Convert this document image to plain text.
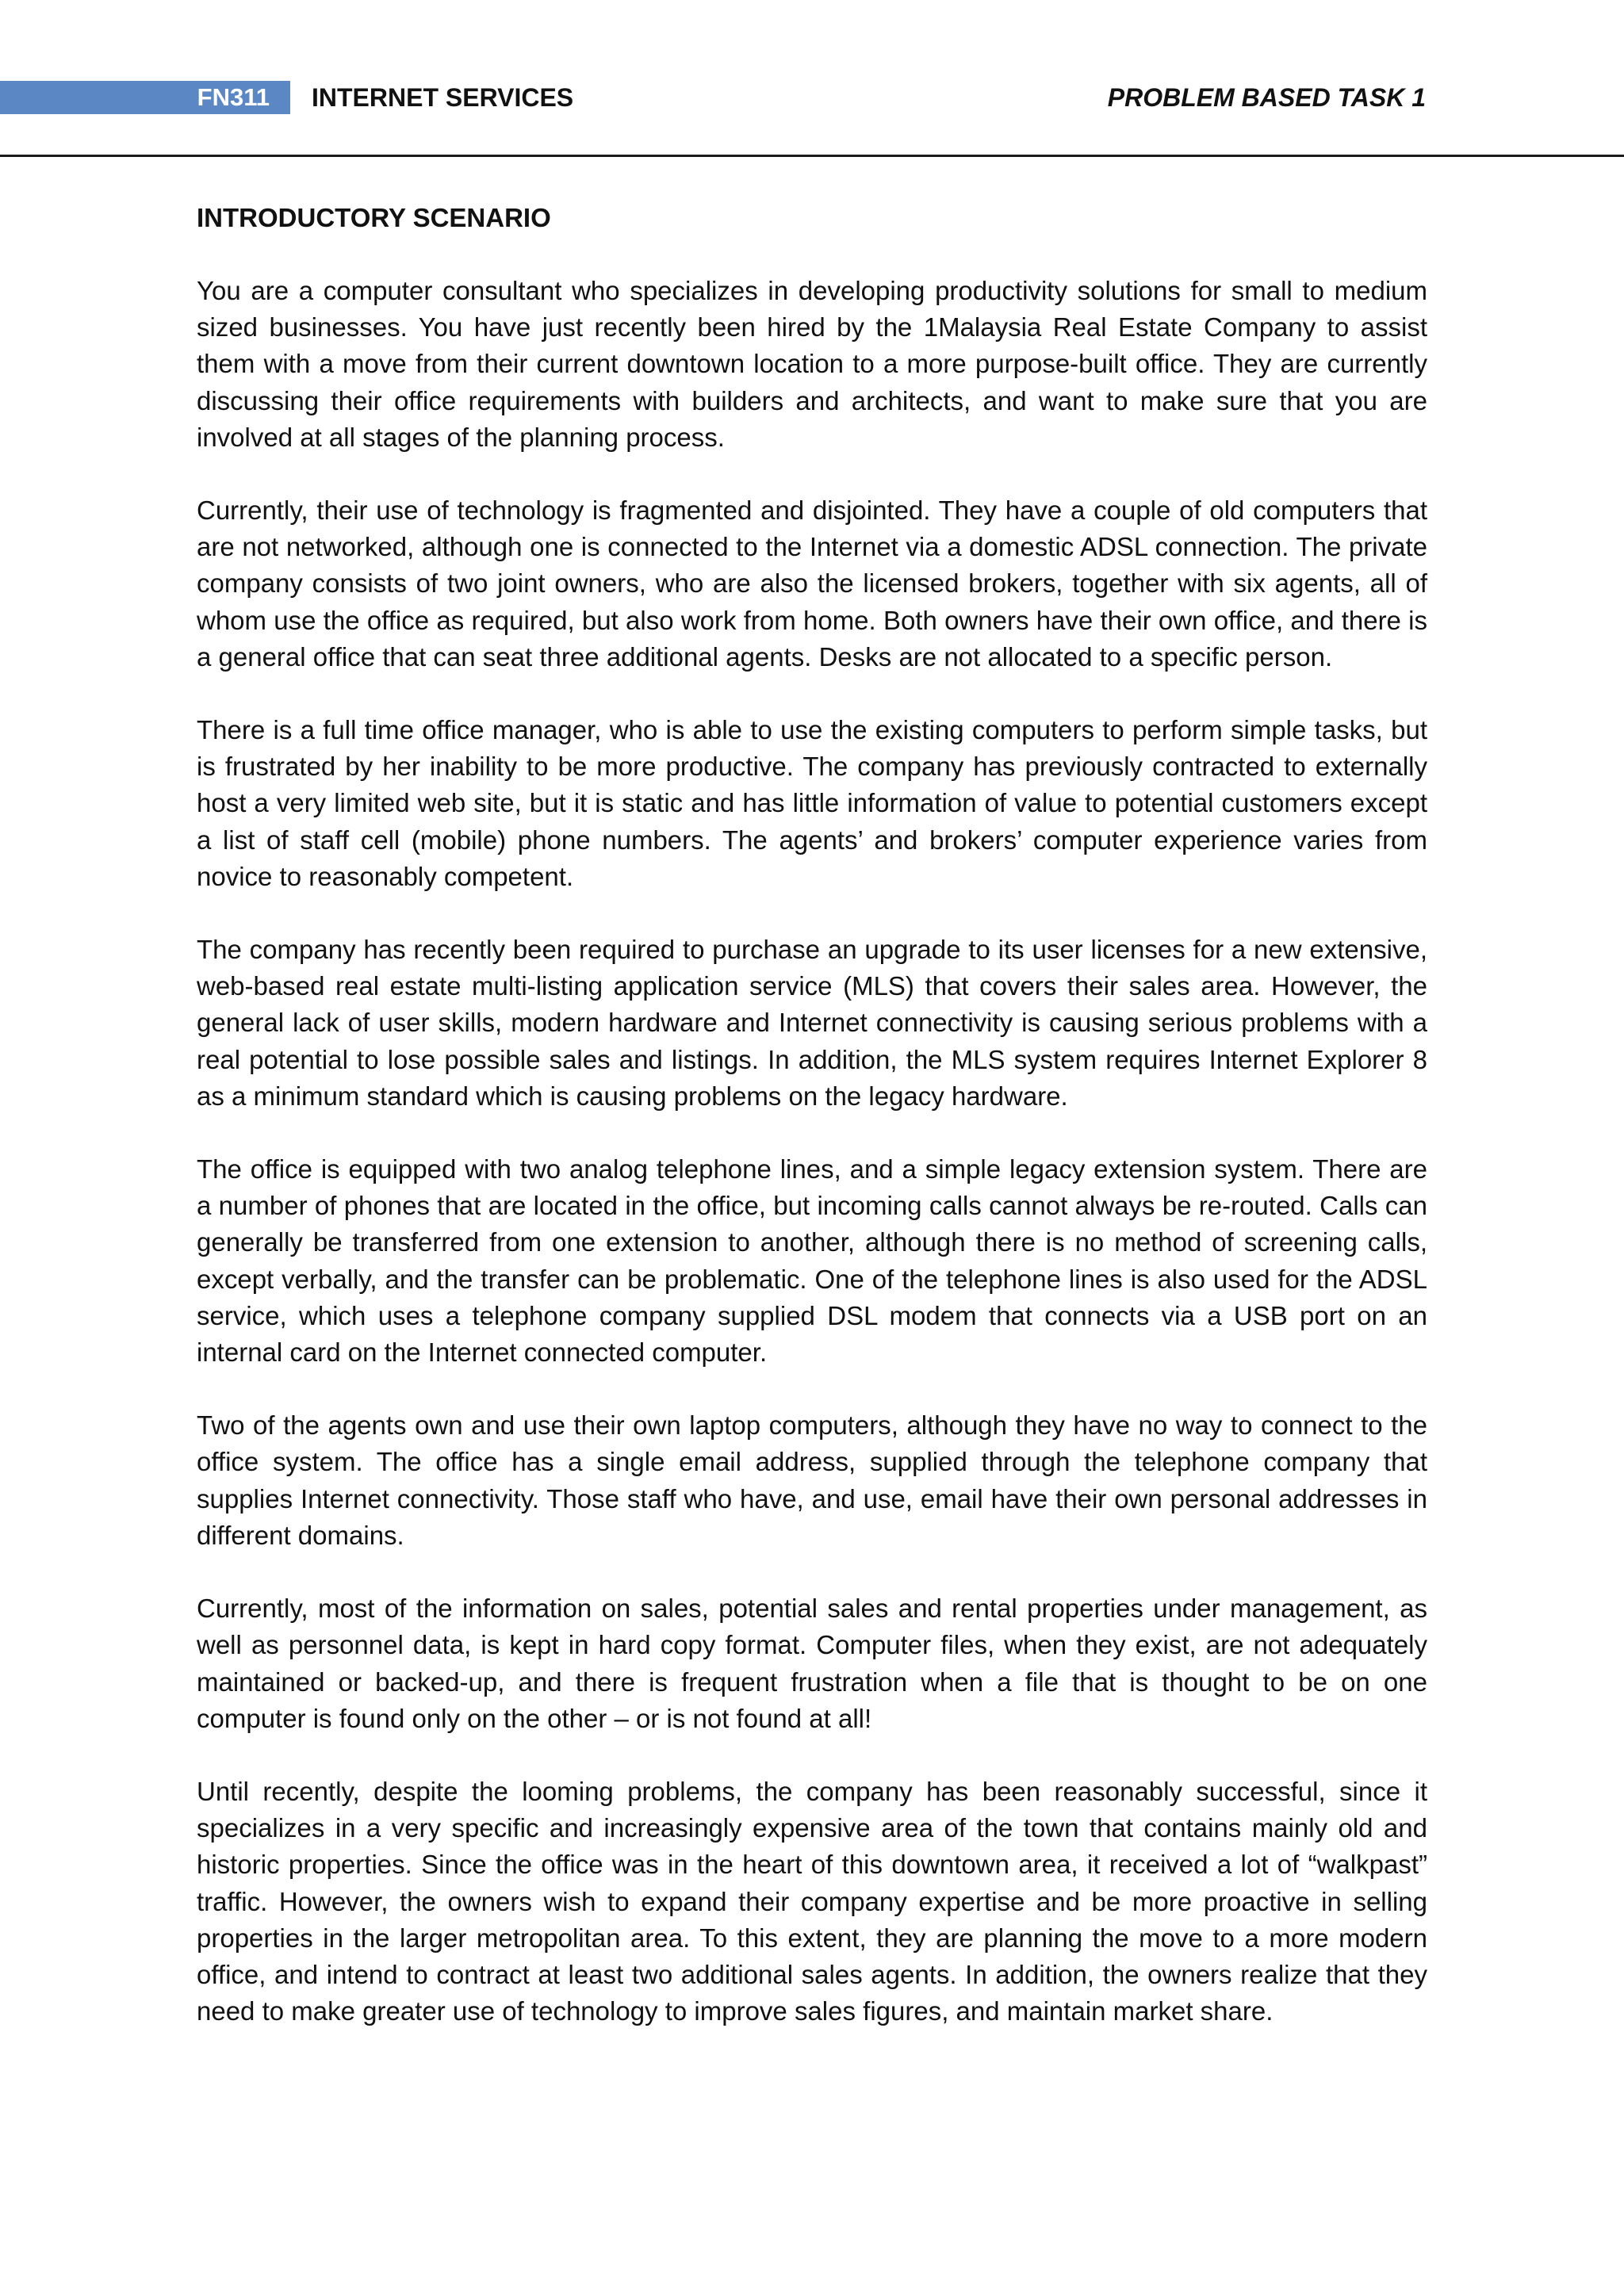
FN311 INTERNET SERVICES	PROBLEM BASED TASK 1
INTRODUCTORY SCENARIO

You are a computer consultant who specializes in developing productivity solutions for small to medium sized businesses. You have just recently been hired by the 1Malaysia Real Estate Company to assist them with a move from their current downtown location to a more purpose-built office. They are currently discussing their office requirements with builders and architects, and want to make sure that you are involved at all stages of the planning process.

Currently, their use of technology is fragmented and disjointed. They have a couple of old computers that are not networked, although one is connected to the Internet via a domestic ADSL connection. The private company consists of two joint owners, who are also the licensed brokers, together with six agents, all of whom use the office as required, but also work from home. Both owners have their own office, and there is a general office that can seat three additional agents. Desks are not allocated to a specific person.

There is a full time office manager, who is able to use the existing computers to perform simple tasks, but is frustrated by her inability to be more productive. The company has previously contracted to externally host a very limited web site, but it is static and has little information of value to potential customers except a list of staff cell (mobile) phone numbers. The agents’ and brokers’ computer experience varies from novice to reasonably competent.

The company has recently been required to purchase an upgrade to its user licenses for a new extensive, web-based real estate multi-listing application service (MLS) that covers their sales area. However, the general lack of user skills, modern hardware and Internet connectivity is causing serious problems with a real potential to lose possible sales and listings. In addition, the MLS system requires Internet Explorer 8 as a minimum standard which is causing problems on the legacy hardware.

The office is equipped with two analog telephone lines, and a simple legacy extension system. There are a number of phones that are located in the office, but incoming calls cannot always be re-routed. Calls can generally be transferred from one extension to another, although there is no method of screening calls, except verbally, and the transfer can be problematic. One of the telephone lines is also used for the ADSL service, which uses a telephone company supplied DSL modem that connects via a USB port on an internal card on the Internet connected computer.

Two of the agents own and use their own laptop computers, although they have no way to connect to the office system. The office has a single email address, supplied through the telephone company that supplies Internet connectivity. Those staff who have, and use, email have their own personal addresses in different domains.

Currently, most of the information on sales, potential sales and rental properties under management, as well as personnel data, is kept in hard copy format. Computer files, when they exist, are not adequately maintained or backed-up, and there is frequent frustration when a file that is thought to be on one computer is found only on the other – or is not found at all!

Until recently, despite the looming problems, the company has been reasonably successful, since it specializes in a very specific and increasingly expensive area of the town that contains mainly old and historic properties. Since the office was in the heart of this downtown area, it received a lot of “walkpast” traffic. However, the owners wish to expand their company expertise and be more proactive in selling properties in the larger metropolitan area. To this extent, they are planning the move to a more modern office, and intend to contract at least two additional sales agents. In addition, the owners realize that they need to make greater use of technology to improve sales figures, and maintain market share.
